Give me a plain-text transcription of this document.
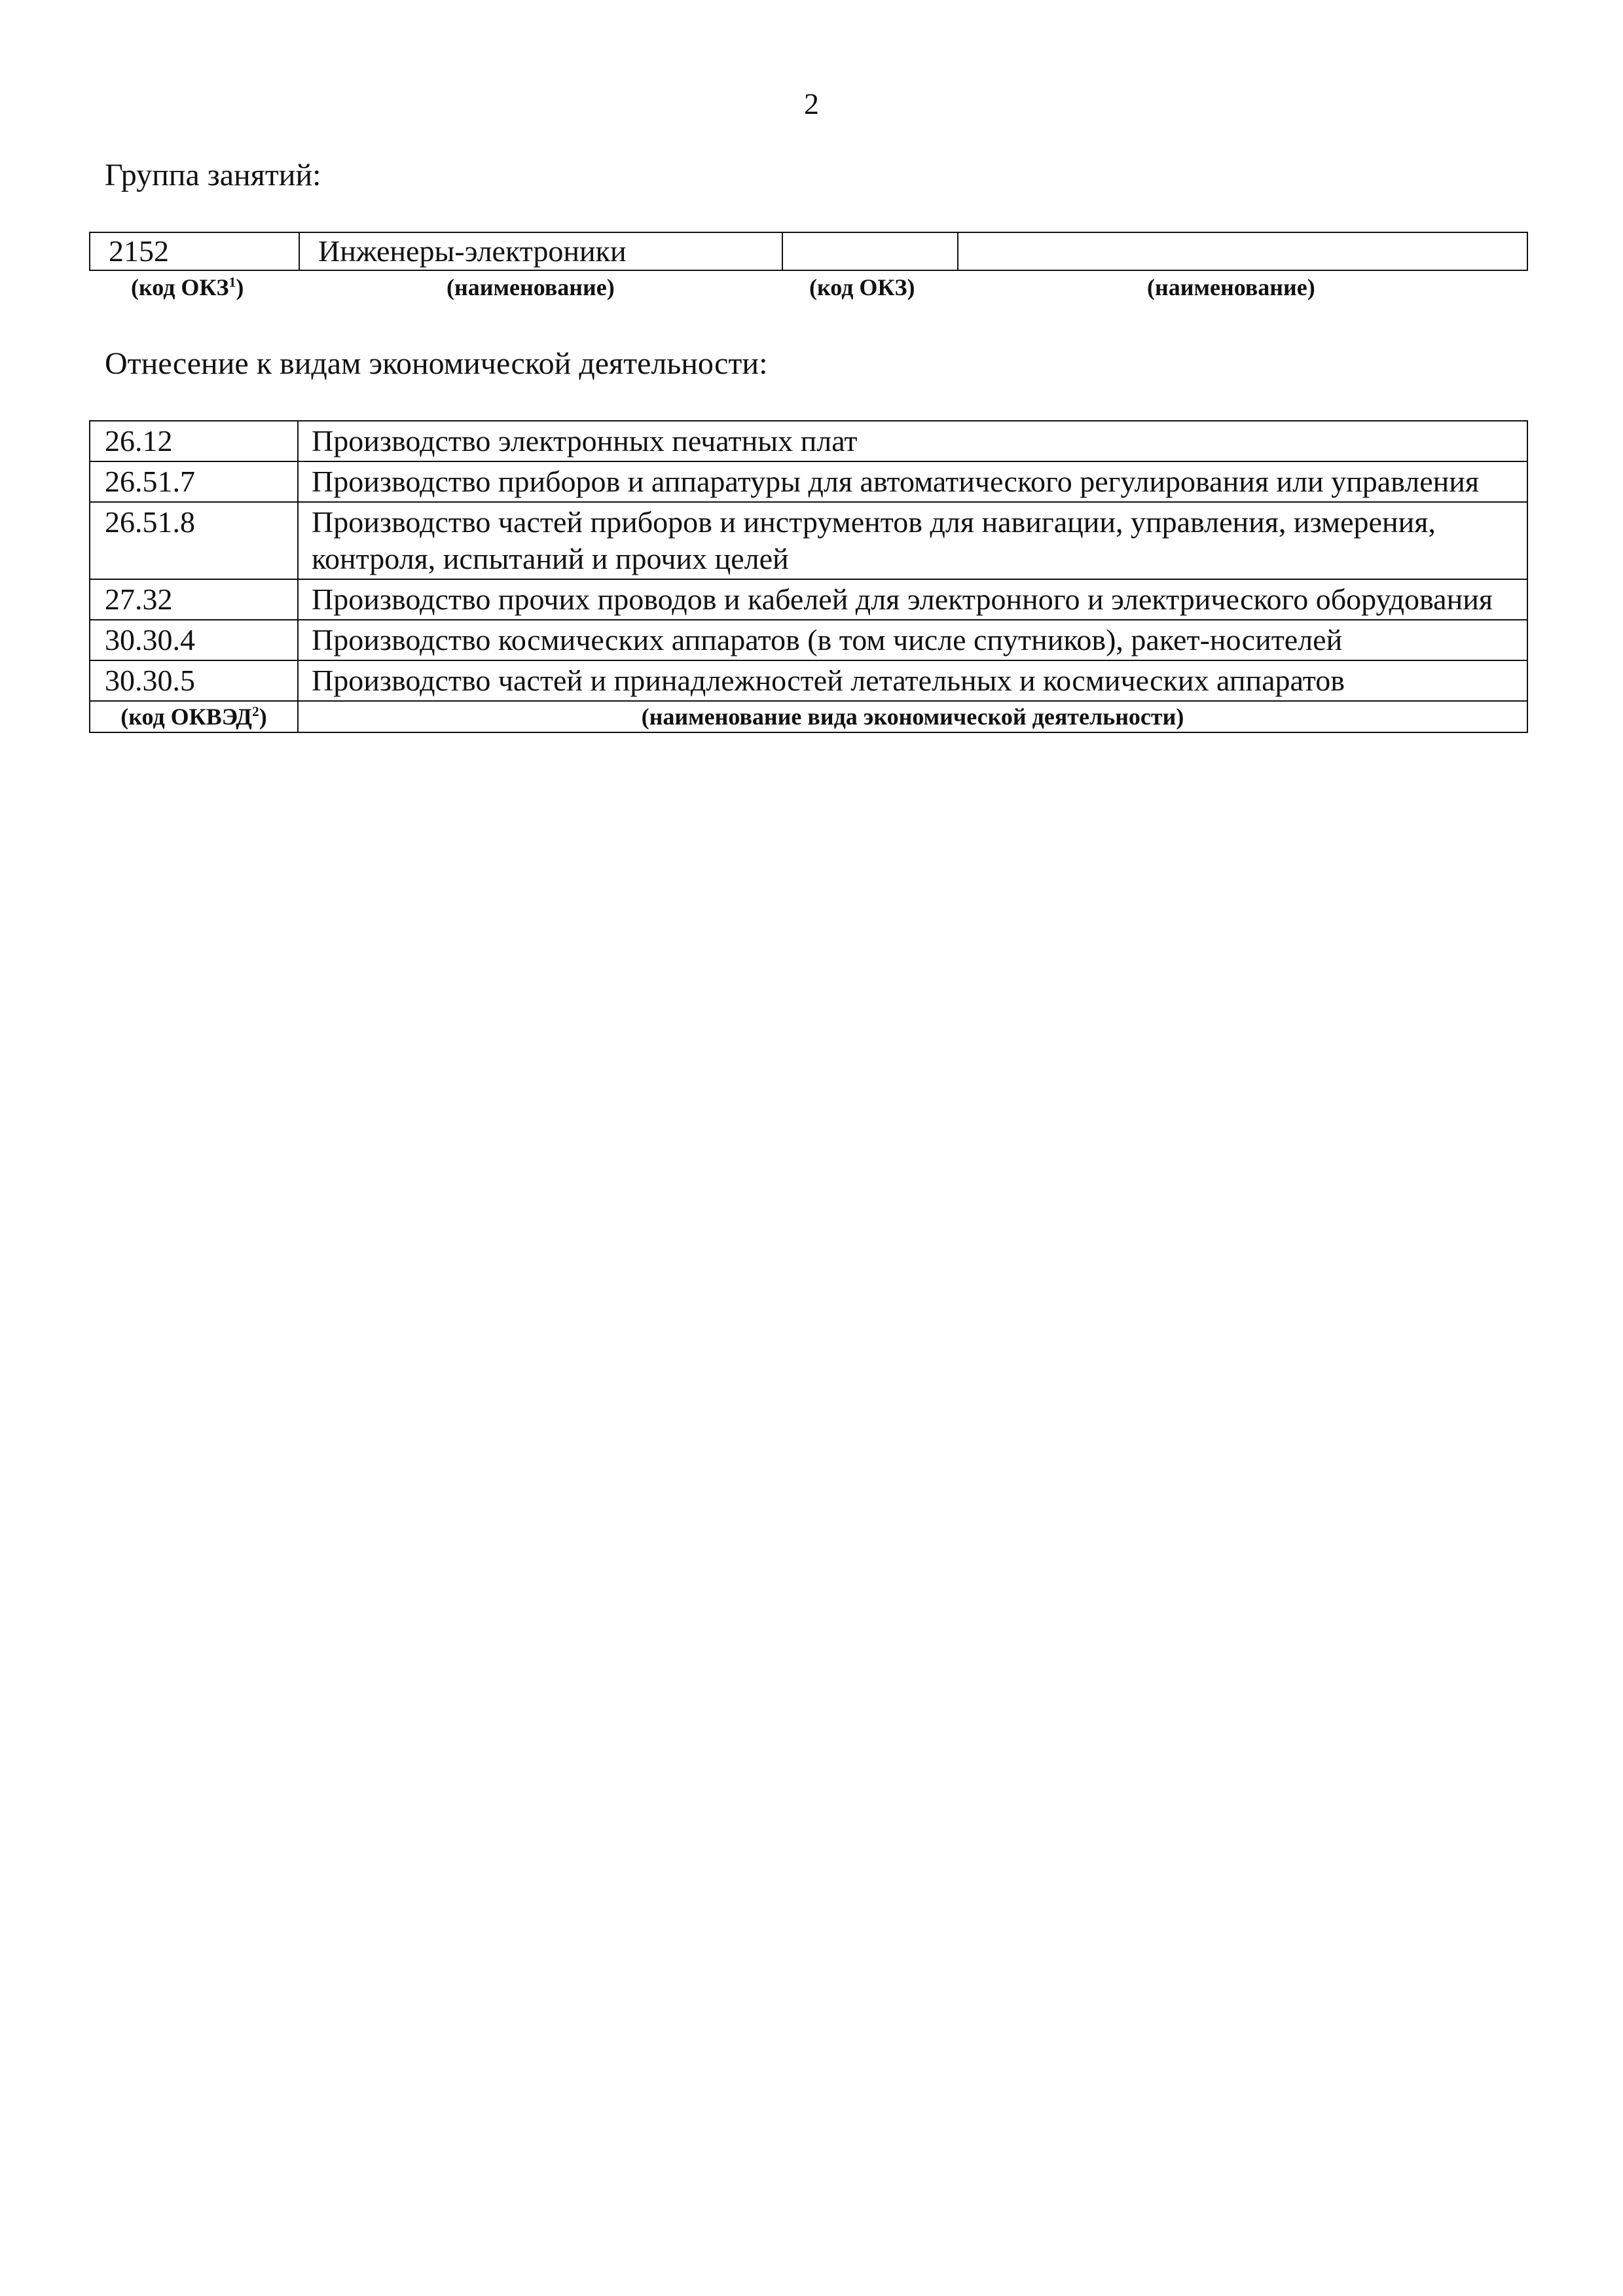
2
Группа занятий:
2152	Инженеры-электроники		
(код ОКЗ$^1$)	(наименование)	(код ОКЗ)	(наименование)
Отнесение к видам экономической деятельности:
26.12	Производство электронных печатных плат
26.51.7	Производство приборов и аппаратуры для автоматического регулирования или управления
26.51.8	Производство частей приборов и инструментов для навигации, управления, измерения, контроля, испытаний и прочих целей
27.32	Производство прочих проводов и кабелей для электронного и электрического оборудования
30.30.4	Производство космических аппаратов (в том числе спутников), ракет-носителей
30.30.5	Производство частей и принадлежностей летательных и космических аппаратов
(код ОКВЭД$^2$)	(наименование вида экономической деятельности)
